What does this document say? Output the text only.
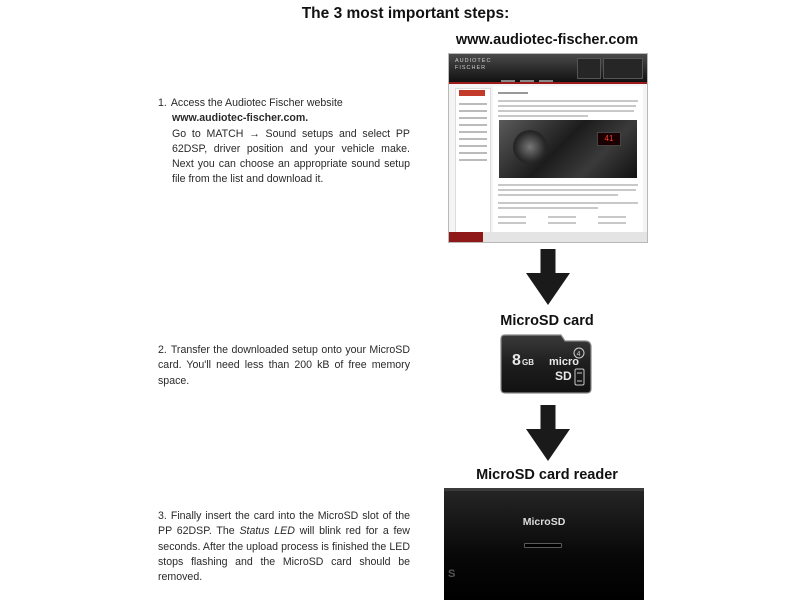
The 3 most important steps:
1. Access the Audiotec Fischer website
www.audiotec-fischer.com.
Go to MATCH → Sound setups and select PP 62DSP, driver position and your vehicle make. Next you can choose an appropriate sound setup file from the list and download it.
2. Transfer the downloaded setup onto your MicroSD card. You'll need less than 200 kB of free memory space.
3. Finally insert the card into the MicroSD slot of the PP 62DSP. The Status LED will blink red for a few seconds. After the upload process is finished the LED stops flashing and the MicroSD card should be removed.
www.audiotec-fischer.com
AUDIOTEC
FISCHER
41
MicroSD card
8 GB micro
SD
4
MicroSD card reader
MicroSD
S
